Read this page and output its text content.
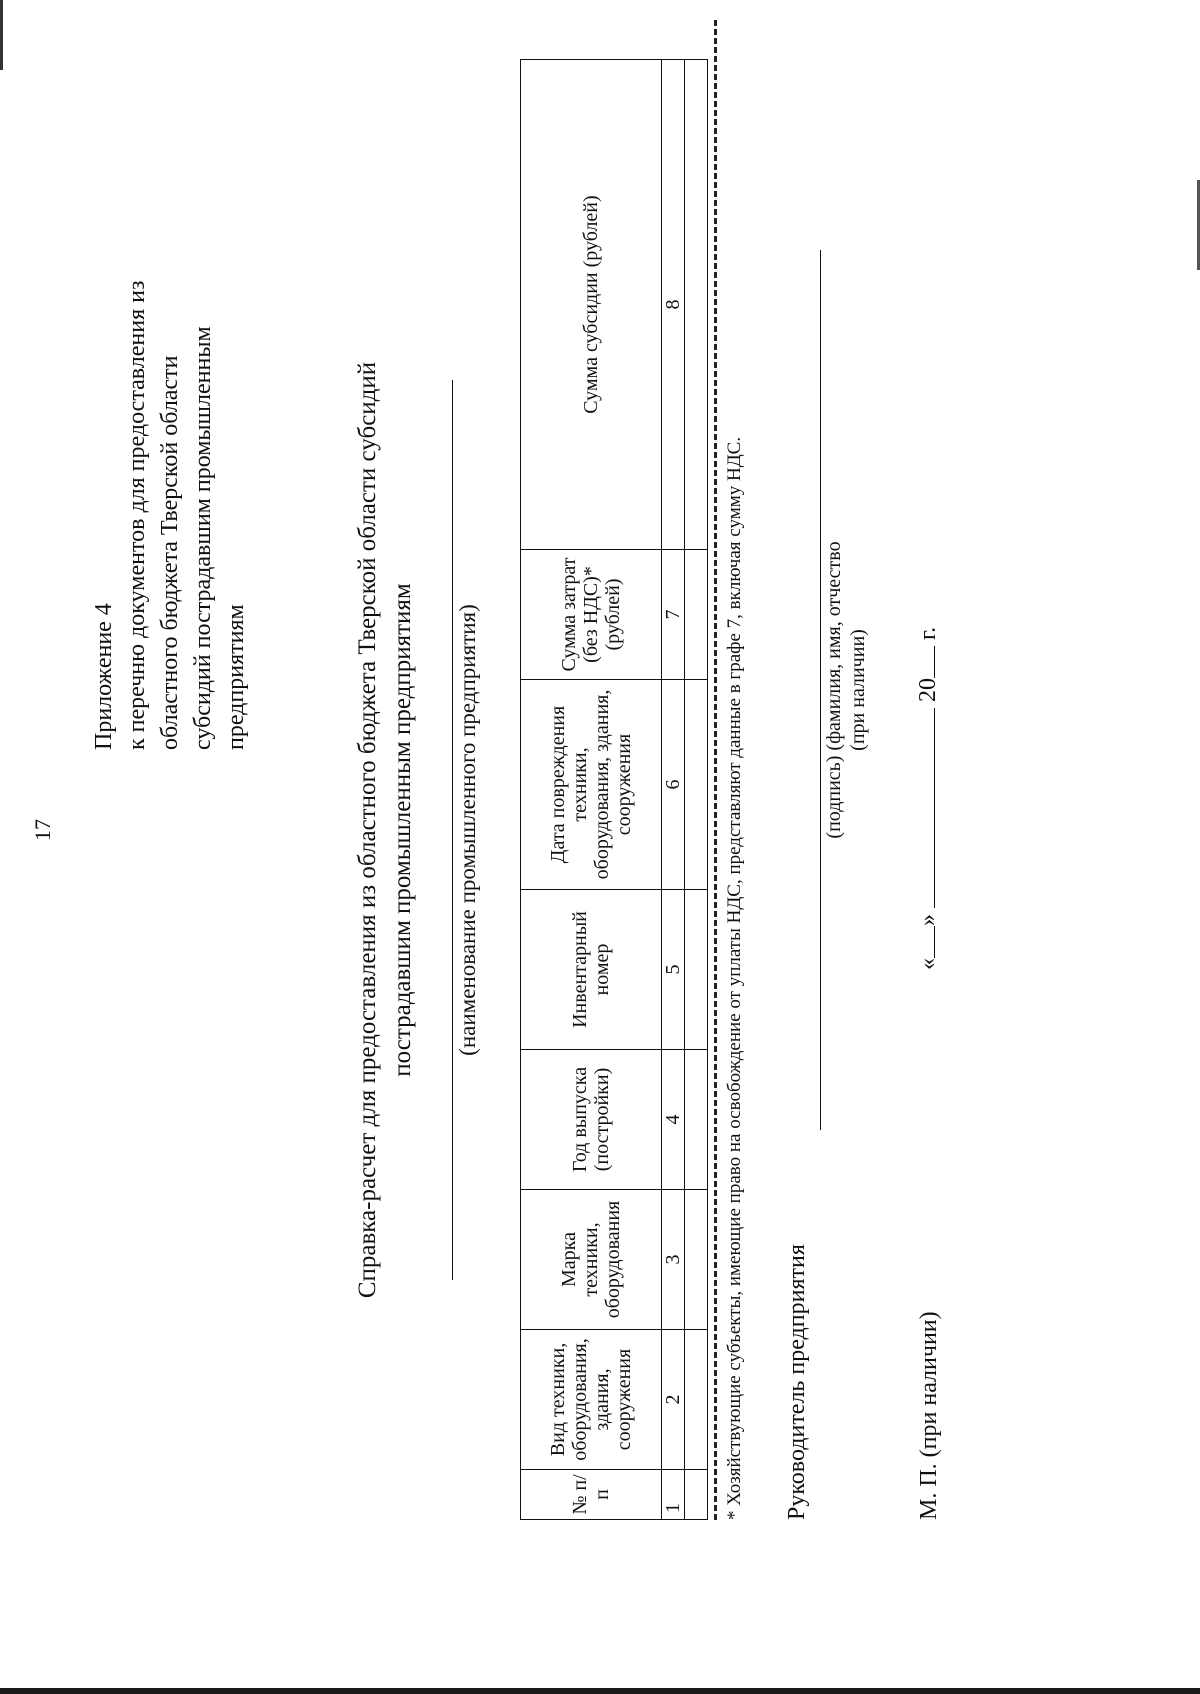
17
Приложение 4 к перечню документов для предоставления из областного бюджета Тверской области субсидий пострадавшим промышленным предприятиям	Справка-расчет для предоставления из областного бюджета Тверской области субсидий пострадавшим промышленным предприятиям (наименование промышленного предприятия)
№ п/п	Вид техники, оборудования, здания, сооружения	Марка техники, оборудования	Год выпуска (постройки)	Инвентарный номер	Дата повреждения техники, оборудования, здания, сооружения	Сумма затрат (без НДС)* (рублей)	Сумма субсидии (рублей)
1	2	3	4	5	6	7	8

* Хозяйствующие субъекты, имеющие право на освобождение от уплаты НДС, представляют данные в графе 7, включая сумму НДС. Руководитель предприятия
(подпись) (фамилия, имя, отчество (при наличии)
М. П. (при наличии)
«»  20 г.
